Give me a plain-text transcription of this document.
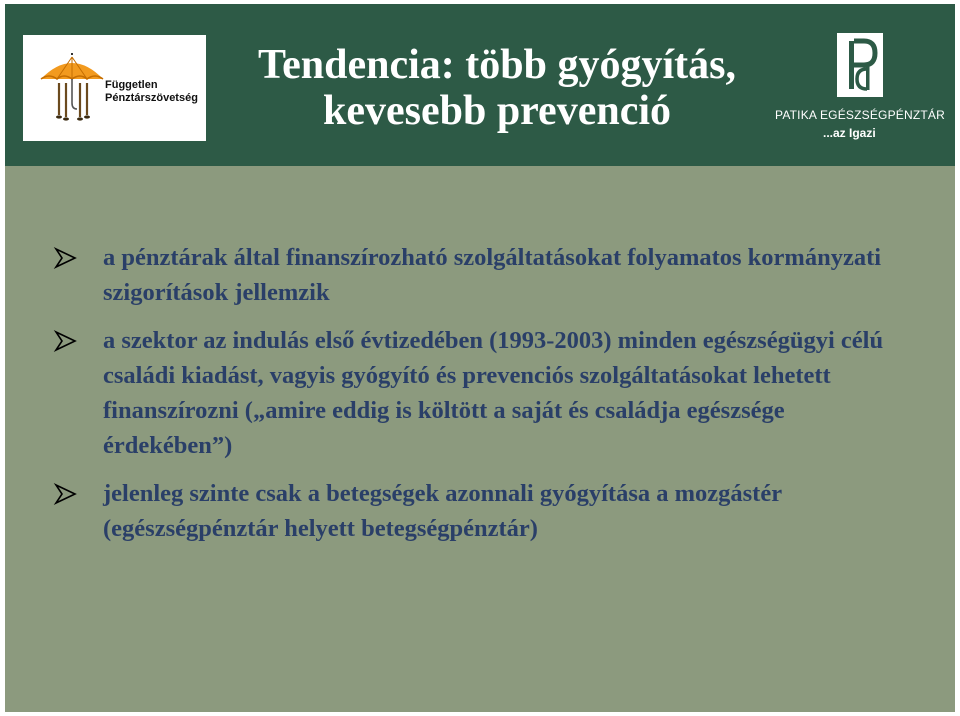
Független
Pénztárszövetség
Tendencia: több gyógyítás,
kevesebb prevenció	PATIKA EGÉSZSÉGPÉNZTÁR
...az Igazi
a pénztárak által finanszírozható szolgáltatásokat folyamatos kormányzati szigorítások jellemzik
a szektor az indulás első évtizedében (1993-2003) minden egészségügyi célú családi kiadást, vagyis gyógyító és prevenciós szolgáltatásokat lehetett finanszírozni („amire eddig is költött a saját és családja egészsége érdekében”)
jelenleg szinte csak a betegségek azonnali gyógyítása a mozgástér (egészségpénztár helyett betegségpénztár)
